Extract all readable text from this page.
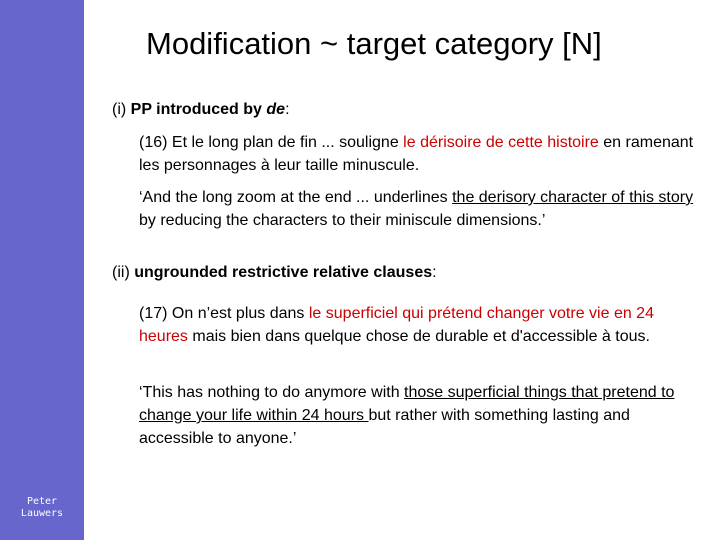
Peter
Lauwers
Modification ~ target category [N]
(i) PP introduced by de:
(16) Et le long plan de fin ... souligne le dérisoire de cette histoire en ramenant les personnages à leur taille minuscule.
‘And the long zoom at the end ... underlines the derisory character of this story by reducing the characters to their miniscule dimensions.’
(ii) ungrounded restrictive relative clauses:
(17) On n’est plus dans le superficiel qui prétend changer votre vie en 24 heures mais bien dans quelque chose de durable et d'accessible à tous.
‘This has nothing to do anymore with those superficial things that pretend to change your life within 24 hours but rather with something lasting and accessible to anyone.’
